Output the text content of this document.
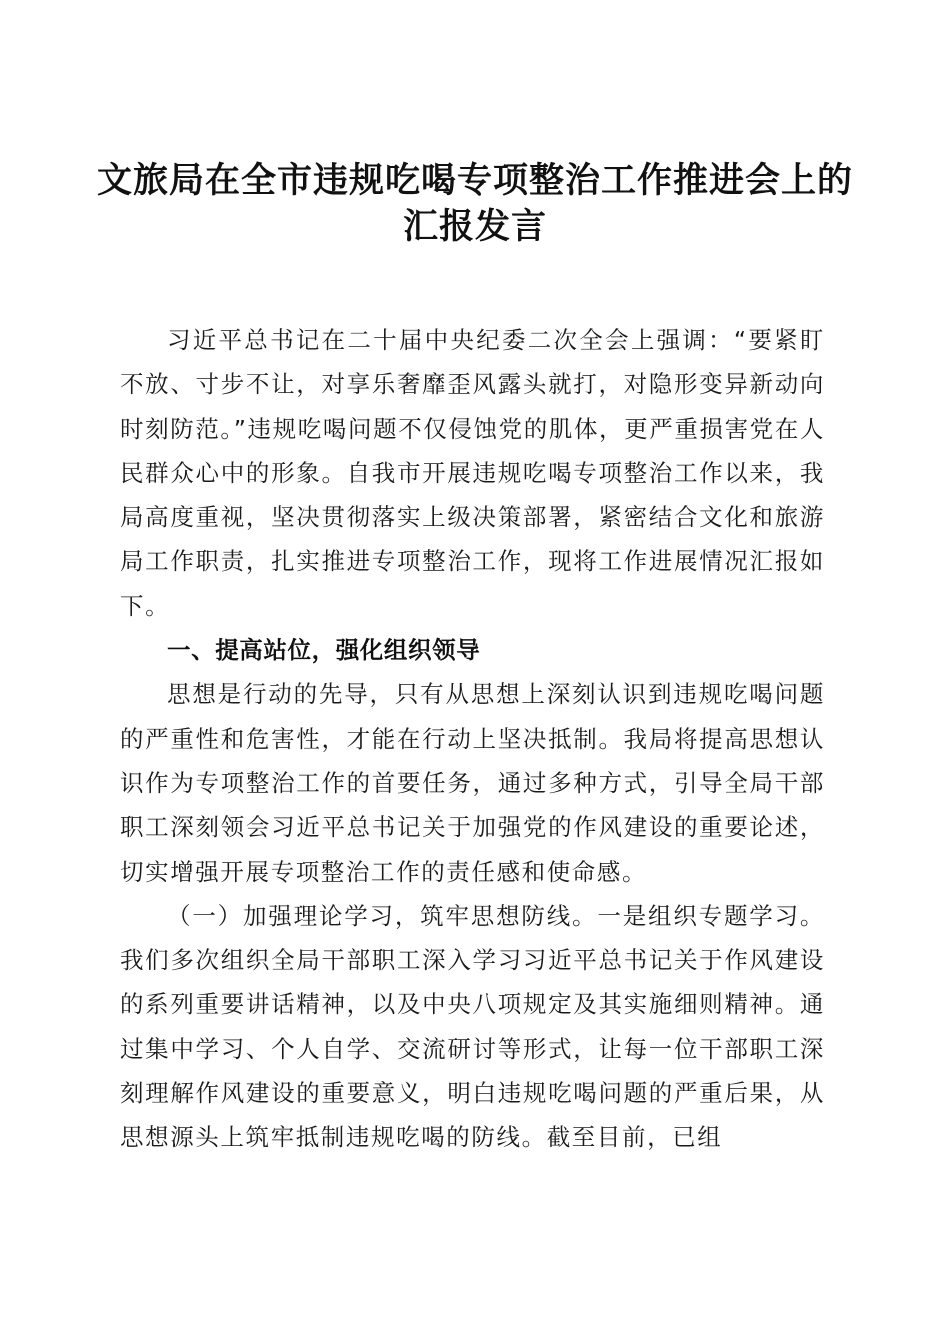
文旅局在全市违规吃喝专项整治工作推进会上的汇报发言

习近平总书记在二十届中央纪委二次全会上强调：“要紧盯不放、寸步不让，对享乐奢靡歪风露头就打，对隐形变异新动向时刻防范。”违规吃喝问题不仅侵蚀党的肌体，更严重损害党在人民群众心中的形象。自我市开展违规吃喝专项整治工作以来，我局高度重视，坚决贯彻落实上级决策部署，紧密结合文化和旅游局工作职责，扎实推进专项整治工作，现将工作进展情况汇报如下。

一、提高站位，强化组织领导

思想是行动的先导，只有从思想上深刻认识到违规吃喝问题的严重性和危害性，才能在行动上坚决抵制。我局将提高思想认识作为专项整治工作的首要任务，通过多种方式，引导全局干部职工深刻领会习近平总书记关于加强党的作风建设的重要论述，切实增强开展专项整治工作的责任感和使命感。

（一）加强理论学习，筑牢思想防线。一是组织专题学习。我们多次组织全局干部职工深入学习习近平总书记关于作风建设的系列重要讲话精神，以及中央八项规定及其实施细则精神。通过集中学习、个人自学、交流研讨等形式，让每一位干部职工深刻理解作风建设的重要意义，明白违规吃喝问题的严重后果，从思想源头上筑牢抵制违规吃喝的防线。截至目前，已组
